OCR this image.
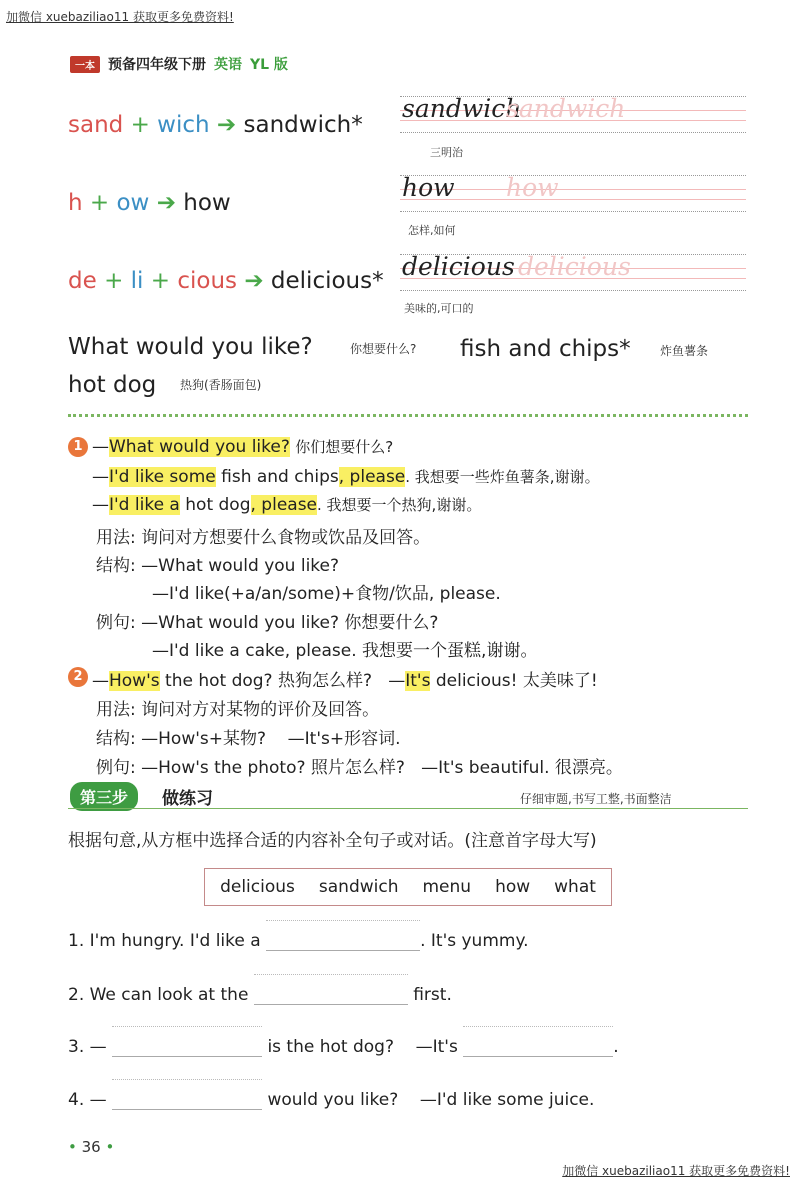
加微信 xuebaziliao11 获取更多免费资料!
一本 预备四年级下册 英语 YL 版
sand + wich ➔ sandwich*
sandwich
sandwich
三明治
h + ow ➔ how
how how
怎样,如何
de + li + cious ➔ delicious* delicious delicious
美味的,可口的
What would you like?	你想要什么? fish and chips* 炸鱼薯条
hot dog 热狗(香肠面包)
1 —What would you like? 你们想要什么?
—I'd like some fish and chips, please. 我想要一些炸鱼薯条,谢谢。
—I'd like a hot dog, please. 我想要一个热狗,谢谢。
用法: 询问对方想要什么食物或饮品及回答。
结构: —What would you like?
—I'd like(+a/an/some)+食物/饮品, please.
例句: —What would you like? 你想要什么?
—I'd like a cake, please. 我想要一个蛋糕,谢谢。
2 —How's the hot dog? 热狗怎么样?   —It's delicious! 太美味了!
用法: 询问对方对某物的评价及回答。
结构: —How's+某物? —It's+形容词.
例句: —How's the photo? 照片怎么样? —It's beautiful. 很漂亮。
第三步	做练习	仔细审题,书写工整,书面整洁
根据句意,从方框中选择合适的内容补全句子或对话。(注意首字母大写)
delicious sandwich menu how what
1. I'm hungry. I'd like a	. It's yummy.
2. We can look at the	first.
3. —	is the hot dog? —It's	.
4. —	would you like? —I'd like some juice.
• 36 •
加微信 xuebaziliao11 获取更多免费资料!
